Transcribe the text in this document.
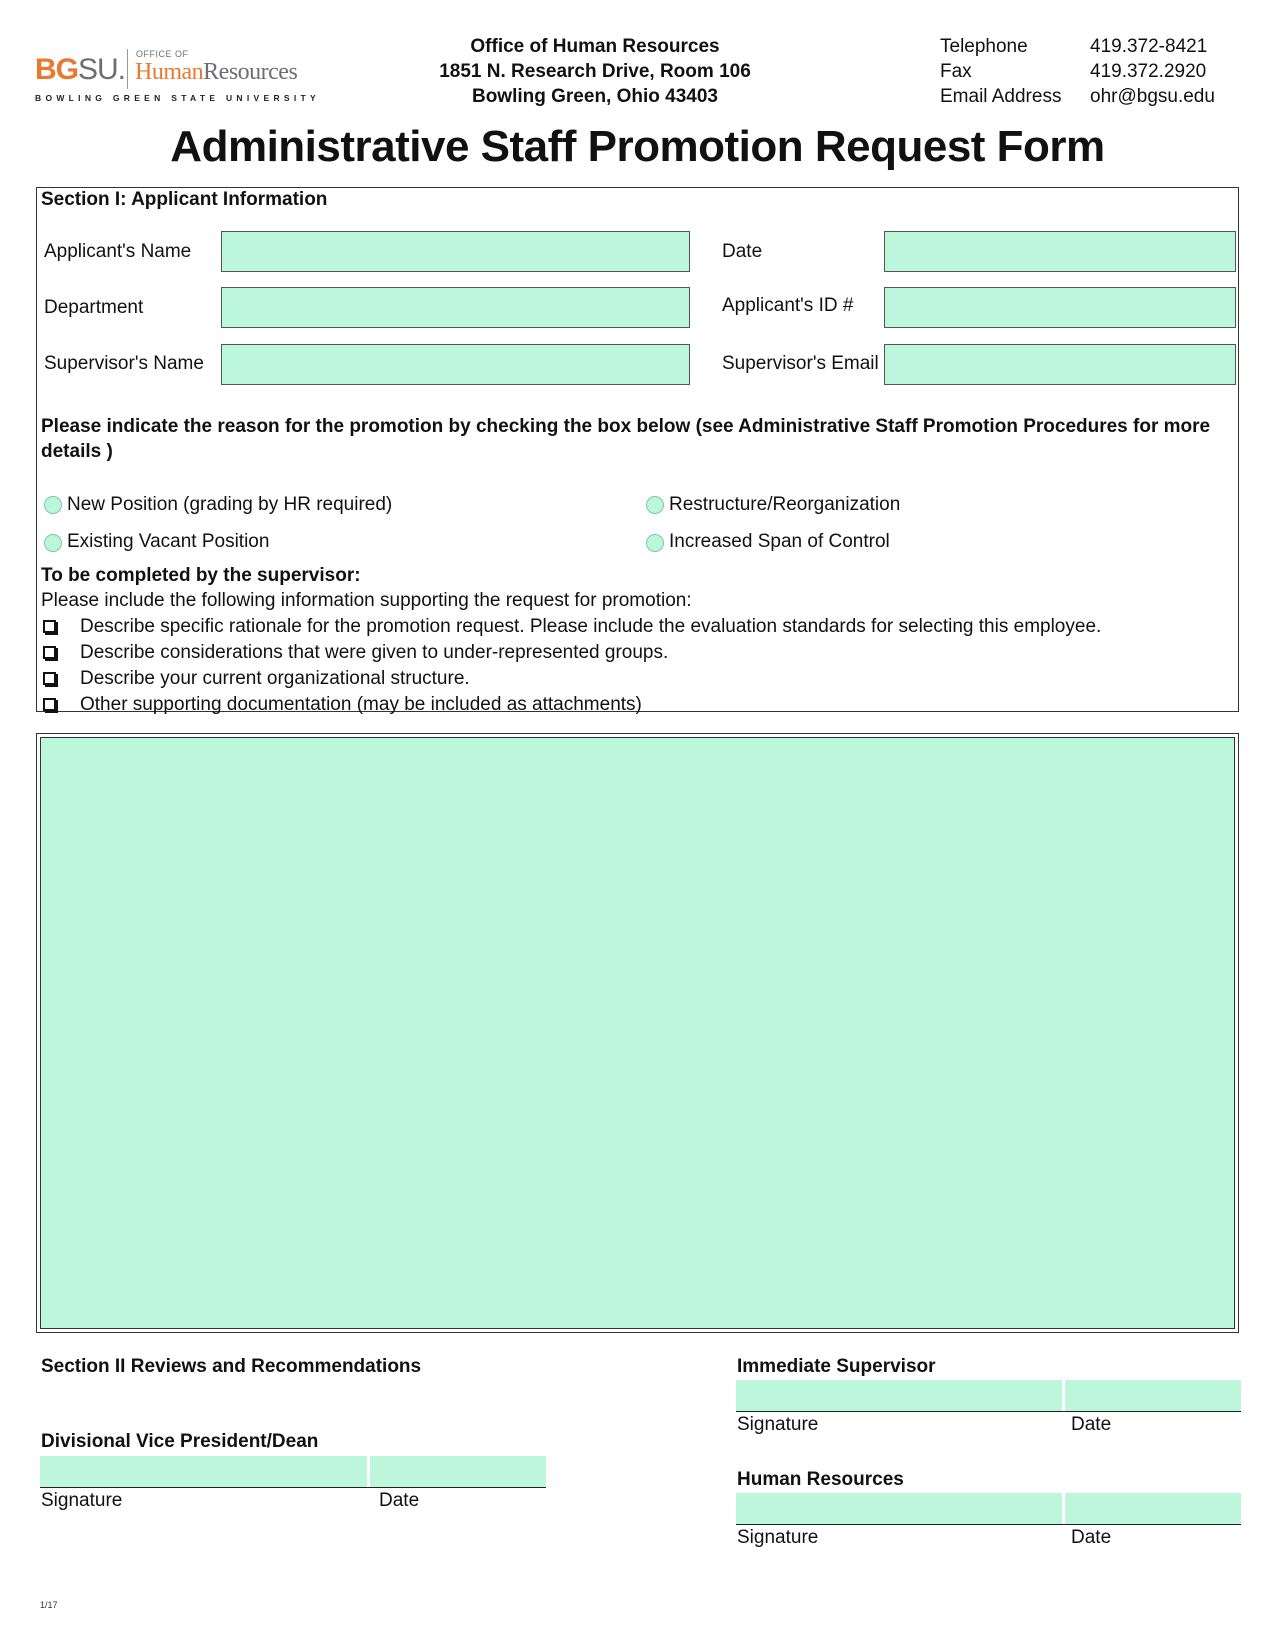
BGSU. OFFICE OF
HumanResources
BOWLING GREEN STATE UNIVERSITY
Office of Human Resources
1851 N. Research Drive, Room 106
Bowling Green, Ohio 43403
Telephone	419.372-8421
Fax	419.372.2920
Email Address	ohr@bgsu.edu
Administrative Staff Promotion Request Form
Section I: Applicant Information
Applicant's Name	Date
Department	Applicant's ID #
Supervisor's Name	Supervisor's Email
Please indicate the reason for the promotion by checking the box below (see Administrative Staff Promotion Procedures for more
details )
New Position (grading by HR required)	Restructure/Reorganization
Existing Vacant Position	Increased Span of Control
To be completed by the supervisor:
Please include the following information supporting the request for promotion:
Describe specific rationale for the promotion request. Please include the evaluation standards for selecting this employee.
Describe considerations that were given to under-represented groups.
Describe your current organizational structure.
Other supporting documentation (may be included as attachments)
Section II Reviews and Recommendations
Divisional Vice President/Dean
Signature	Date
Immediate Supervisor
Signature	Date
Human Resources
Signature	Date
1/17
